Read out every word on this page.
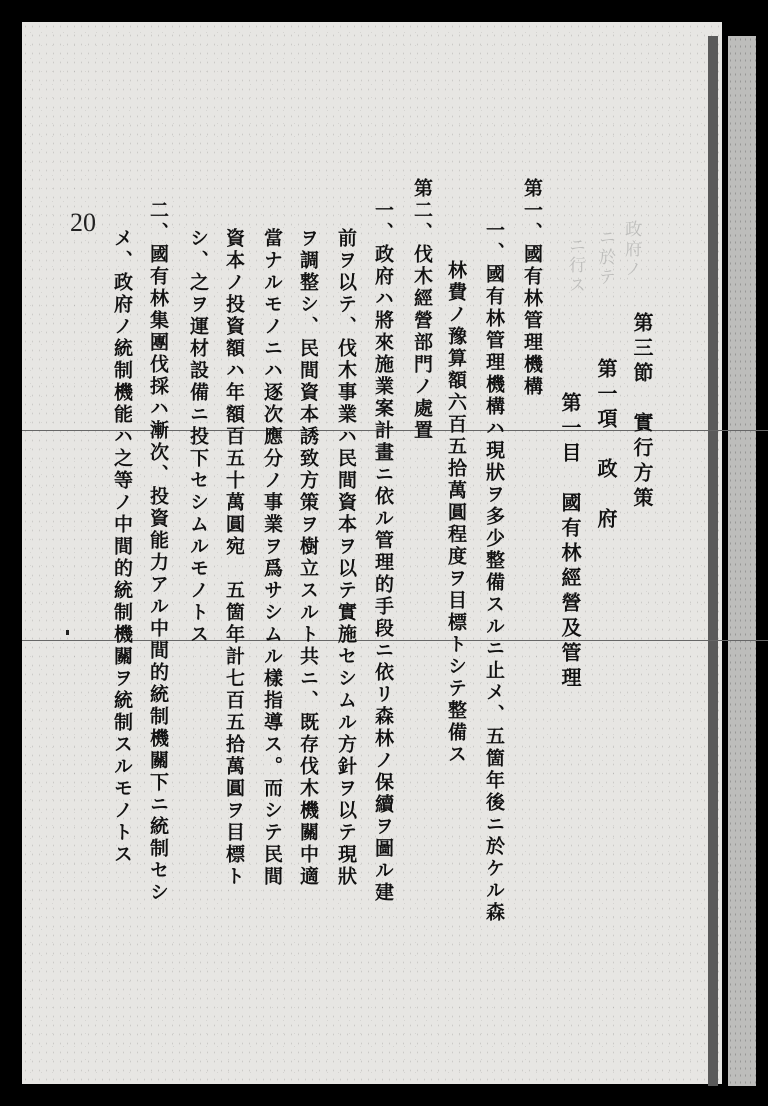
政府ノ
ニ於テ
ニ行ス
第三節　實行方策
第一項　政　府
第一目　國有林經營及管理
第一、國有林管理機構
一、國有林管理機構ハ現狀ヲ多少整備スルニ止メ、五箇年後ニ於ケル森
林費ノ豫算額六百五拾萬圓程度ヲ目標トシテ整備ス
第二、伐木經營部門ノ處置
一、政府ハ將來施業案計畫ニ依ル管理的手段ニ依リ森林ノ保續ヲ圖ル建
前ヲ以テ、伐木事業ハ民間資本ヲ以テ實施セシムル方針ヲ以テ現狀
ヲ調整シ、民間資本誘致方策ヲ樹立スルト共ニ、既存伐木機關中適
當ナルモノニハ逐次應分ノ事業ヲ爲サシムル樣指導ス。而シテ民間
資本ノ投資額ハ年額百五十萬圓宛　五箇年計七百五拾萬圓ヲ目標ト
シ、之ヲ運材設備ニ投下セシムルモノトス
二、國有林集團伐採ハ漸次、投資能力アル中間的統制機關下ニ統制セシ
メ、政府ノ統制機能ハ之等ノ中間的統制機關ヲ統制スルモノトス
20
